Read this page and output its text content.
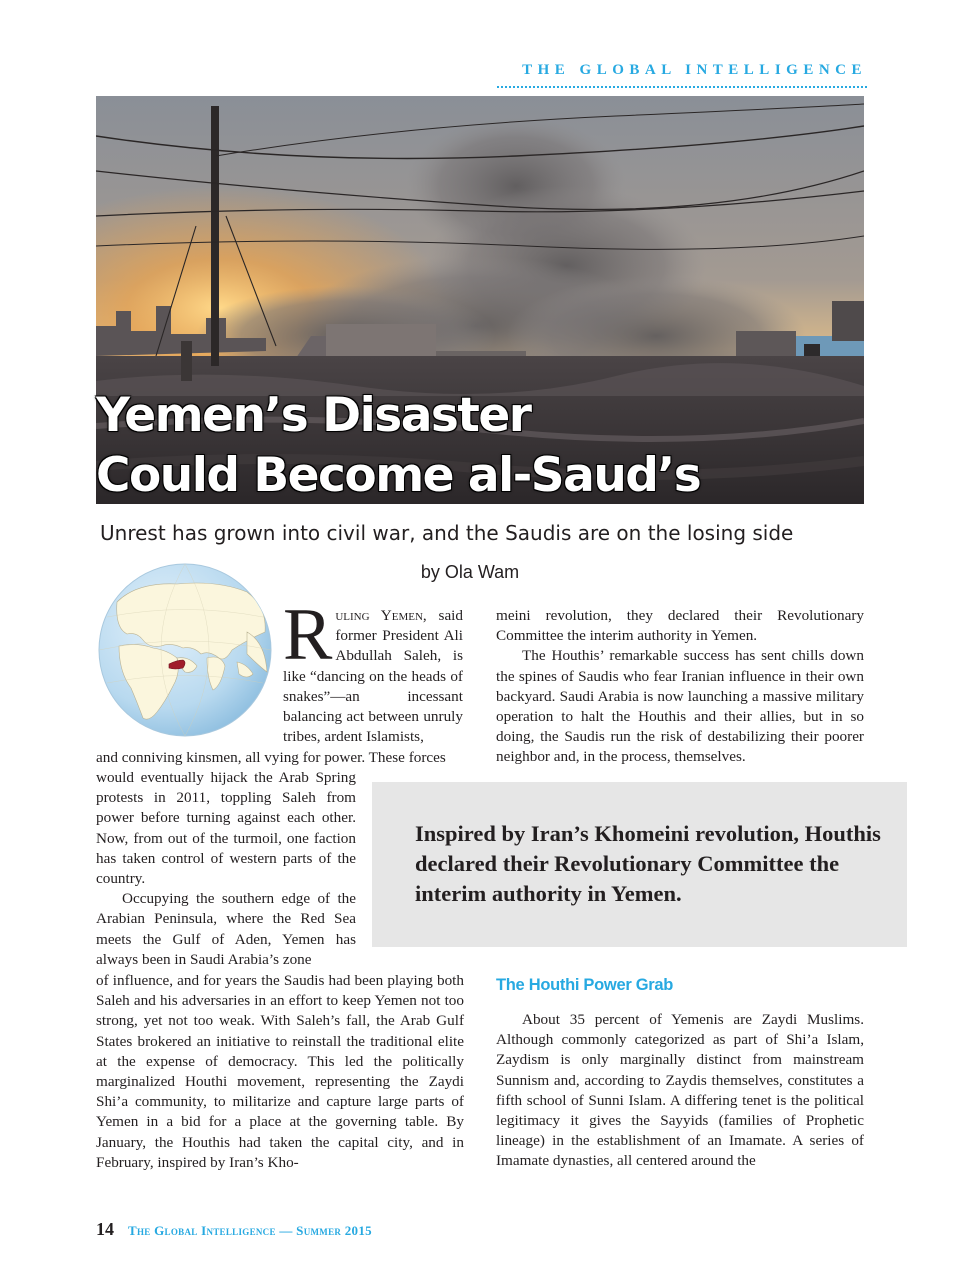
THE GLOBAL INTELLIGENCE
Yemen’s Disaster
Could Become al-Saud’s
Unrest has grown into civil war, and the Saudis are on the losing side
by Ola Wam
Ruling Yemen, said former President Ali Abdullah Saleh, is like “dancing on the heads of snakes”—an incessant balancing act between unruly tribes, ardent Islamists,
and conniving kinsmen, all vying for power. These forces
would eventually hijack the Arab Spring protests in 2011, toppling Saleh from power before turning against each other. Now, from out of the turmoil, one faction has taken control of western parts of the country.
Occupying the southern edge of the Arabian Peninsula, where the Red Sea meets the Gulf of Aden, Yemen has always been in Saudi Arabia’s zone
of influence, and for years the Saudis had been playing both Saleh and his adversaries in an effort to keep Yemen not too strong, yet not too weak. With Saleh’s fall, the Arab Gulf States brokered an initiative to reinstall the traditional elite at the expense of democracy. This led the politically marginalized Houthi movement, representing the Zaydi Shi’a community, to militarize and capture large parts of Yemen in a bid for a place at the governing table. By January, the Houthis had taken the capital city, and in February, inspired by Iran’s Kho-
meini revolution, they declared their Revolutionary Committee the interim authority in Yemen.
The Houthis’ remarkable success has sent chills down the spines of Saudis who fear Iranian influence in their own backyard. Saudi Arabia is now launching a massive military operation to halt the Houthis and their allies, but in so doing, the Saudis run the risk of destabilizing their poorer neighbor and, in the process, themselves.
Inspired by Iran’s Khomeini revolution, Houthis declared their Revolutionary Committee the interim authority in Yemen.
The Houthi Power Grab
About 35 percent of Yemenis are Zaydi Muslims. Although commonly categorized as part of Shi’a Islam, Zaydism is only marginally distinct from mainstream Sunnism and, according to Zaydis themselves, constitutes a fifth school of Sunni Islam. A differing tenet is the political legitimacy it gives the Sayyids (families of Prophetic lineage) in the establishment of an Imamate. A series of Imamate dynasties, all centered around the
14 The Global Intelligence — Summer 2015
